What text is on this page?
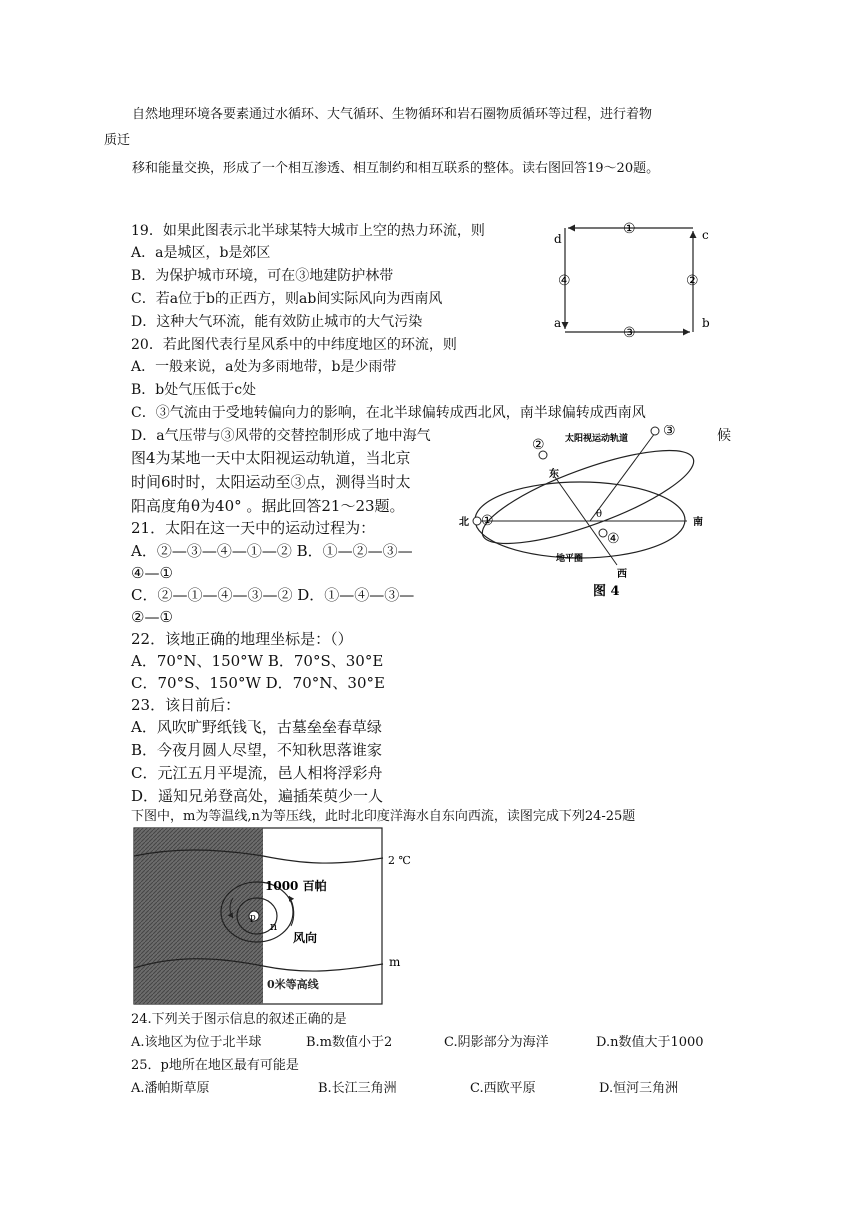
自然地理环境各要素通过水循环、大气循环、生物循环和岩石圈物质循环等过程，进行着物
质迁
移和能量交换，形成了一个相互渗透、相互制约和相互联系的整体。读右图回答19～20题。
19．如果此图表示北半球某特大城市上空的热力环流，则
A．a是城区，b是郊区
B．为保护城市环境，可在③地建防护林带
C．若a位于b的正西方，则ab间实际风向为西南风
D．这种大气环流，能有效防止城市的大气污染
20．若此图代表行星风系中的中纬度地区的环流，则
A．一般来说，a处为多雨地带，b是少雨带
B．b处气压低于c处
C．③气流由于受地转偏向力的影响，在北半球偏转成西北风，南半球偏转成西南风
D．a气压带与③风带的交替控制形成了地中海气	候
图4为某地一天中太阳视运动轨道，当北京
时间6时时，太阳运动至③点，测得当时太
阳高度角θ为40° 。据此回答21～23题。
21．太阳在这一天中的运动过程为：
A．②—③—④—①—② B．①—②—③—
④—①
C．②—①—④—③—② D．①—④—③—
②—①
22．该地正确的地理坐标是：（）
A．70°N、150°W B．70°S、30°E
C．70°S、150°W D．70°N、30°E
23．该日前后：
A．风吹旷野纸钱飞，古墓垒垒春草绿
B．今夜月圆人尽望，不知秋思落谁家
C．元江五月平堤流，邑人相将浮彩舟
D．遥知兄弟登高处，遍插茱萸少一人
下图中，m为等温线,n为等压线，此时北印度洋海水自东向西流，读图完成下列24-25题
24.下列关于图示信息的叙述正确的是
A.该地区为位于北半球	B.m数值小于2	C.阴影部分为海洋	D.n数值大于1000
25．p地所在地区最有可能是
A.潘帕斯草原	B.长江三角洲	C.西欧平原	D.恒河三角洲
d
a
c
b
①
②
③
④
太阳视运动轨道
②
③
①
④
东
西
南
北
地平圈
θ
图 4
2 ℃
1000 百帕
风向
0米等高线
m
n
p
